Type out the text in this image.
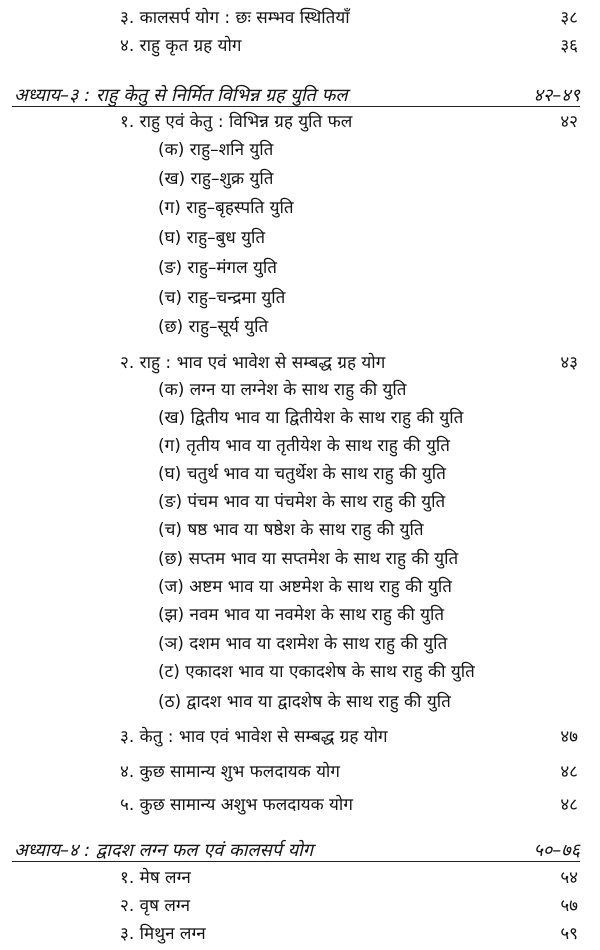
३. कालसर्प योग : छः सम्भव स्थितियाँ	३८
४. राहु कृत ग्रह योग	३६
अध्याय–३ : राहु केतु से निर्मित विभिन्न ग्रह युति फल	४२–४९
१. राहु एवं केतु : विभिन्न ग्रह युति फल	४२
(क) राहु–शनि युति
(ख) राहु–शुक्र युति
(ग) राहु–बृहस्पति युति
(घ) राहु–बुध युति
(ङ) राहु–मंगल युति
(च) राहु–चन्द्रमा युति
(छ) राहु–सूर्य युति
२. राहु : भाव एवं भावेश से सम्बद्ध ग्रह योग	४३
(क) लग्न या लग्नेश के साथ राहु की युति
(ख) द्वितीय भाव या द्वितीयेश के साथ राहु की युति
(ग) तृतीय भाव या तृतीयेश के साथ राहु की युति
(घ) चतुर्थ भाव या चतुर्थेश के साथ राहु की युति
(ङ) पंचम भाव या पंचमेश के साथ राहु की युति
(च) षष्ठ भाव या षष्ठेश के साथ राहु की युति
(छ) सप्तम भाव या सप्तमेश के साथ राहु की युति
(ज) अष्टम भाव या अष्टमेश के साथ राहु की युति
(झ) नवम भाव या नवमेश के साथ राहु की युति
(ञ) दशम भाव या दशमेश के साथ राहु की युति
(ट) एकादश भाव या एकादशेष के साथ राहु की युति
(ठ) द्वादश भाव या द्वादशेष के साथ राहु की युति
३. केतु : भाव एवं भावेश से सम्बद्ध ग्रह योग	४७
४. कुछ सामान्य शुभ फलदायक योग	४८
५. कुछ सामान्य अशुभ फलदायक योग	४८
अध्याय–४ : द्वादश लग्न फल एवं कालसर्प योग	५०–७६
१. मेष लग्न	५४
२. वृष लग्न	५७
३. मिथुन लग्न	५९
